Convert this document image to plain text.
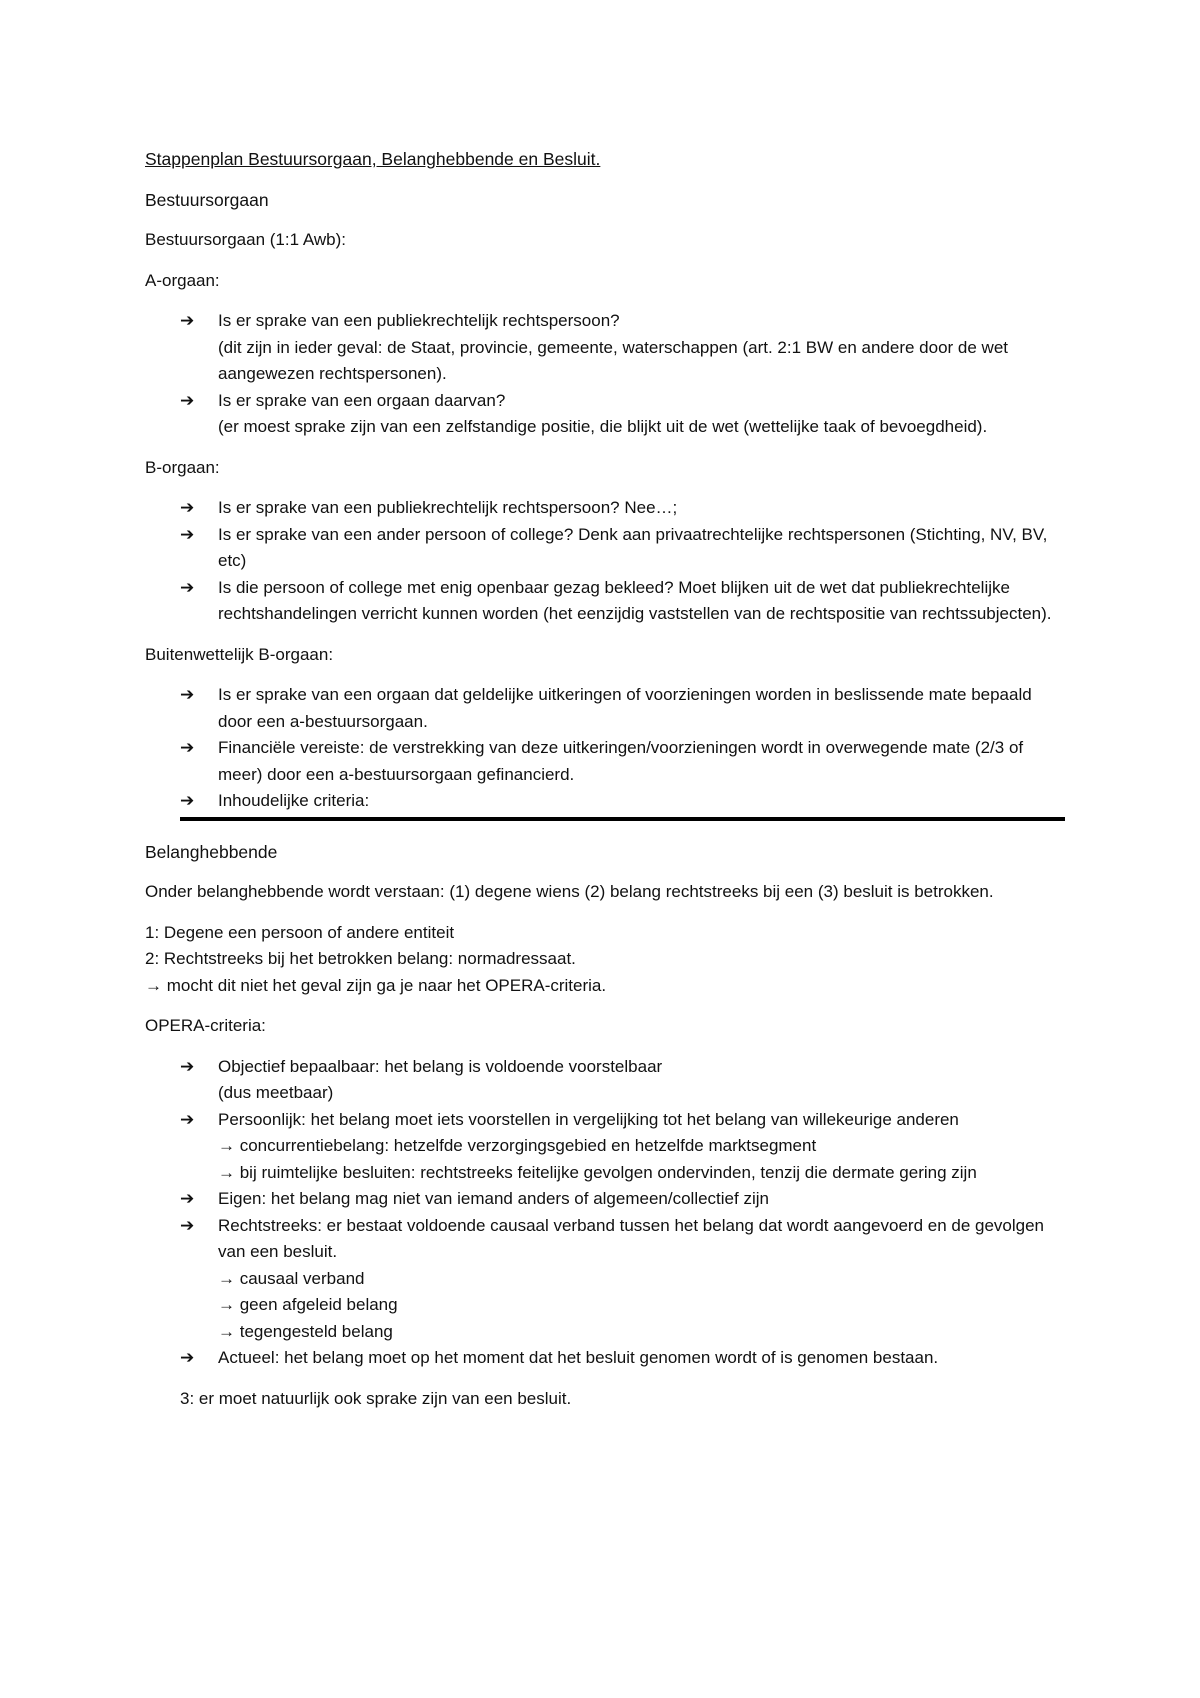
Stappenplan Bestuursorgaan, Belanghebbende en Besluit.
Bestuursorgaan
Bestuursorgaan (1:1 Awb):
A-orgaan:
➔ Is er sprake van een publiekrechtelijk rechtspersoon?
(dit zijn in ieder geval: de Staat, provincie, gemeente, waterschappen (art. 2:1 BW en andere door de wet aangewezen rechtspersonen).
➔ Is er sprake van een orgaan daarvan?
(er moest sprake zijn van een zelfstandige positie, die blijkt uit de wet (wettelijke taak of bevoegdheid).
B-orgaan:
➔ Is er sprake van een publiekrechtelijk rechtspersoon? Nee…;
➔ Is er sprake van een ander persoon of college? Denk aan privaatrechtelijke rechtspersonen (Stichting, NV, BV, etc)
➔ Is die persoon of college met enig openbaar gezag bekleed? Moet blijken uit de wet dat publiekrechtelijke rechtshandelingen verricht kunnen worden (het eenzijdig vaststellen van de rechtspositie van rechtssubjecten).
Buitenwettelijk B-orgaan:
➔ Is er sprake van een orgaan dat geldelijke uitkeringen of voorzieningen worden in beslissende mate bepaald door een a-bestuursorgaan.
➔ Financiële vereiste: de verstrekking van deze uitkeringen/voorzieningen wordt in overwegende mate (2/3 of meer) door een a-bestuursorgaan gefinancierd.
➔ Inhoudelijke criteria:
Belanghebbende
Onder belanghebbende wordt verstaan: (1) degene wiens (2) belang rechtstreeks bij een (3) besluit is betrokken.
1: Degene een persoon of andere entiteit
2: Rechtstreeks bij het betrokken belang: normadressaat.
→ mocht dit niet het geval zijn ga je naar het OPERA-criteria.
OPERA-criteria:
➔ Objectief bepaalbaar: het belang is voldoende voorstelbaar
(dus meetbaar)
➔ Persoonlijk: het belang moet iets voorstellen in vergelijking tot het belang van willekeurige anderen
→ concurrentiebelang: hetzelfde verzorgingsgebied en hetzelfde marktsegment
→ bij ruimtelijke besluiten: rechtstreeks feitelijke gevolgen ondervinden, tenzij die dermate gering zijn
➔ Eigen: het belang mag niet van iemand anders of algemeen/collectief zijn
➔ Rechtstreeks: er bestaat voldoende causaal verband tussen het belang dat wordt aangevoerd en de gevolgen van een besluit.
→ causaal verband
→ geen afgeleid belang
→ tegengesteld belang
➔ Actueel: het belang moet op het moment dat het besluit genomen wordt of is genomen bestaan.
3: er moet natuurlijk ook sprake zijn van een besluit.
